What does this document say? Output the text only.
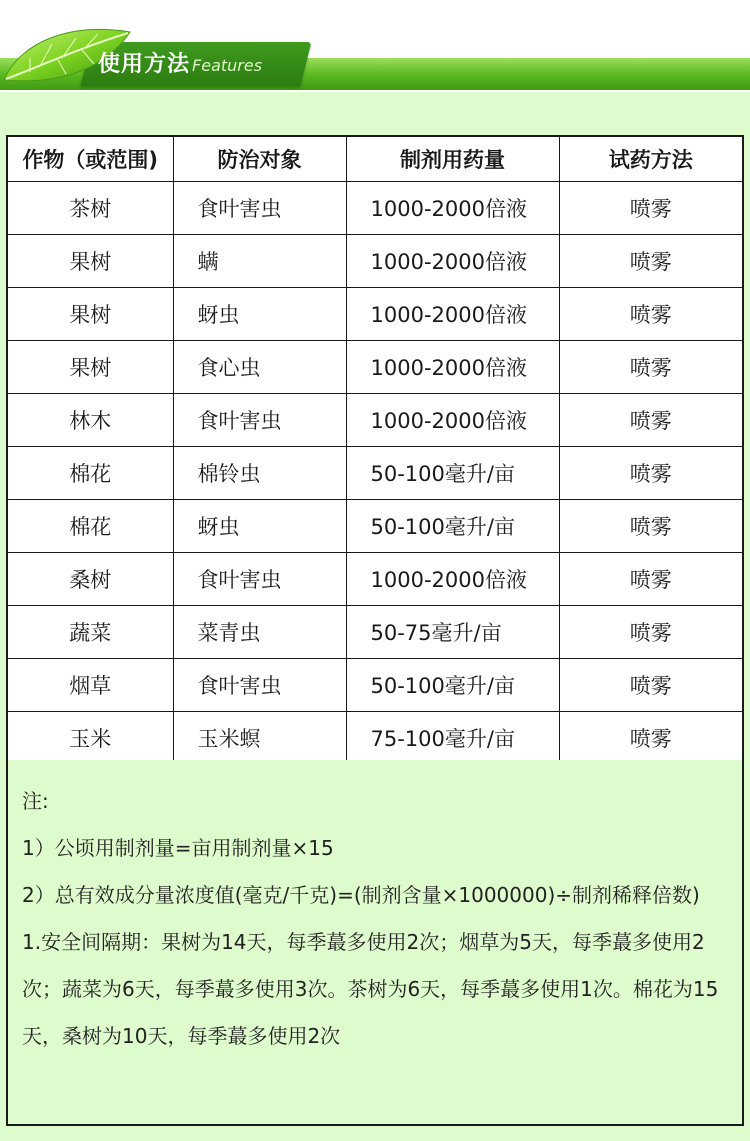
使用方法 Features
作物（或范围)	防治对象	制剂用药量	试药方法
茶树	食叶害虫	1000-2000倍液	喷雾
果树	螨	1000-2000倍液	喷雾
果树	蚜虫	1000-2000倍液	喷雾
果树	食心虫	1000-2000倍液	喷雾
林木	食叶害虫	1000-2000倍液	喷雾
棉花	棉铃虫	50-100毫升/亩	喷雾
棉花	蚜虫	50-100毫升/亩	喷雾
桑树	食叶害虫	1000-2000倍液	喷雾
蔬菜	菜青虫	50-75毫升/亩	喷雾
烟草	食叶害虫	50-100毫升/亩	喷雾
玉米	玉米螟	75-100毫升/亩	喷雾

注:

1）公顷用制剂量=亩用制剂量×15

2）总有效成分量浓度值(毫克/千克)=(制剂含量×1000000)÷制剂稀释倍数)

1.安全间隔期：果树为14天，每季蕞多使用2次；烟草为5天，每季蕞多使用2次；蔬菜为6天，每季蕞多使用3次。茶树为6天，每季蕞多使用1次。棉花为15天，桑树为10天，每季蕞多使用2次
